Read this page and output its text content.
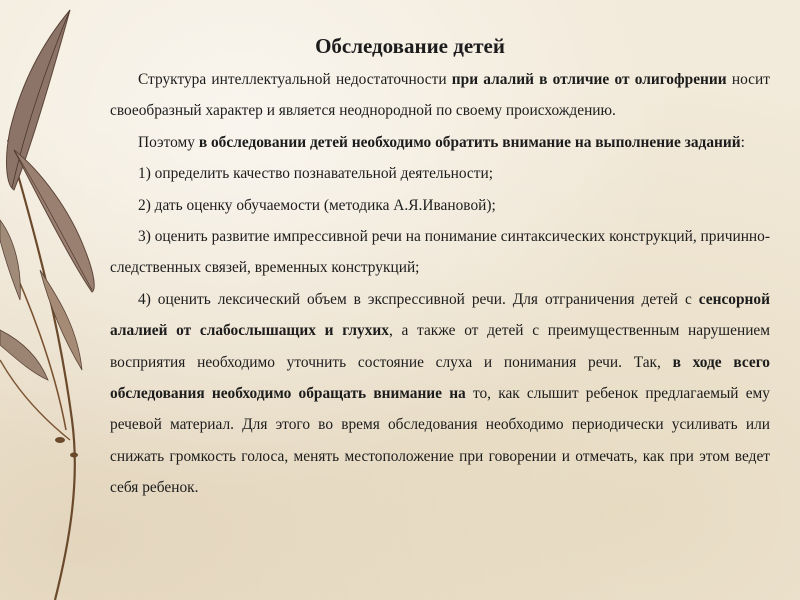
Обследование детей

Структура интеллектуальной недостаточности при алалий в отличие от олигофрении носит своеобразный характер и является неоднородной по своему происхождению.

Поэтому в обследовании детей необходимо обратить внимание на выполнение заданий:

1) определить качество познавательной деятельности;

2) дать оценку обучаемости (методика А.Я.Ивановой);

3) оценить развитие импрессивной речи на понимание синтаксических конструкций, причинно-следственных связей, временных конструкций;

4) оценить лексический объем в экспрессивной речи. Для отграничения детей с сенсорной алалией от слабослышащих и глухих, а также от детей с преимущественным нарушением восприятия необходимо уточнить состояние слуха и понимания речи. Так, в ходе всего обследования необходимо обращать внимание на то, как слышит ребенок предлагаемый ему речевой материал. Для этого во время обследования необходимо периодически усиливать или снижать громкость голоса, менять местоположение при говорении и отмечать, как при этом ведет себя ребенок.
